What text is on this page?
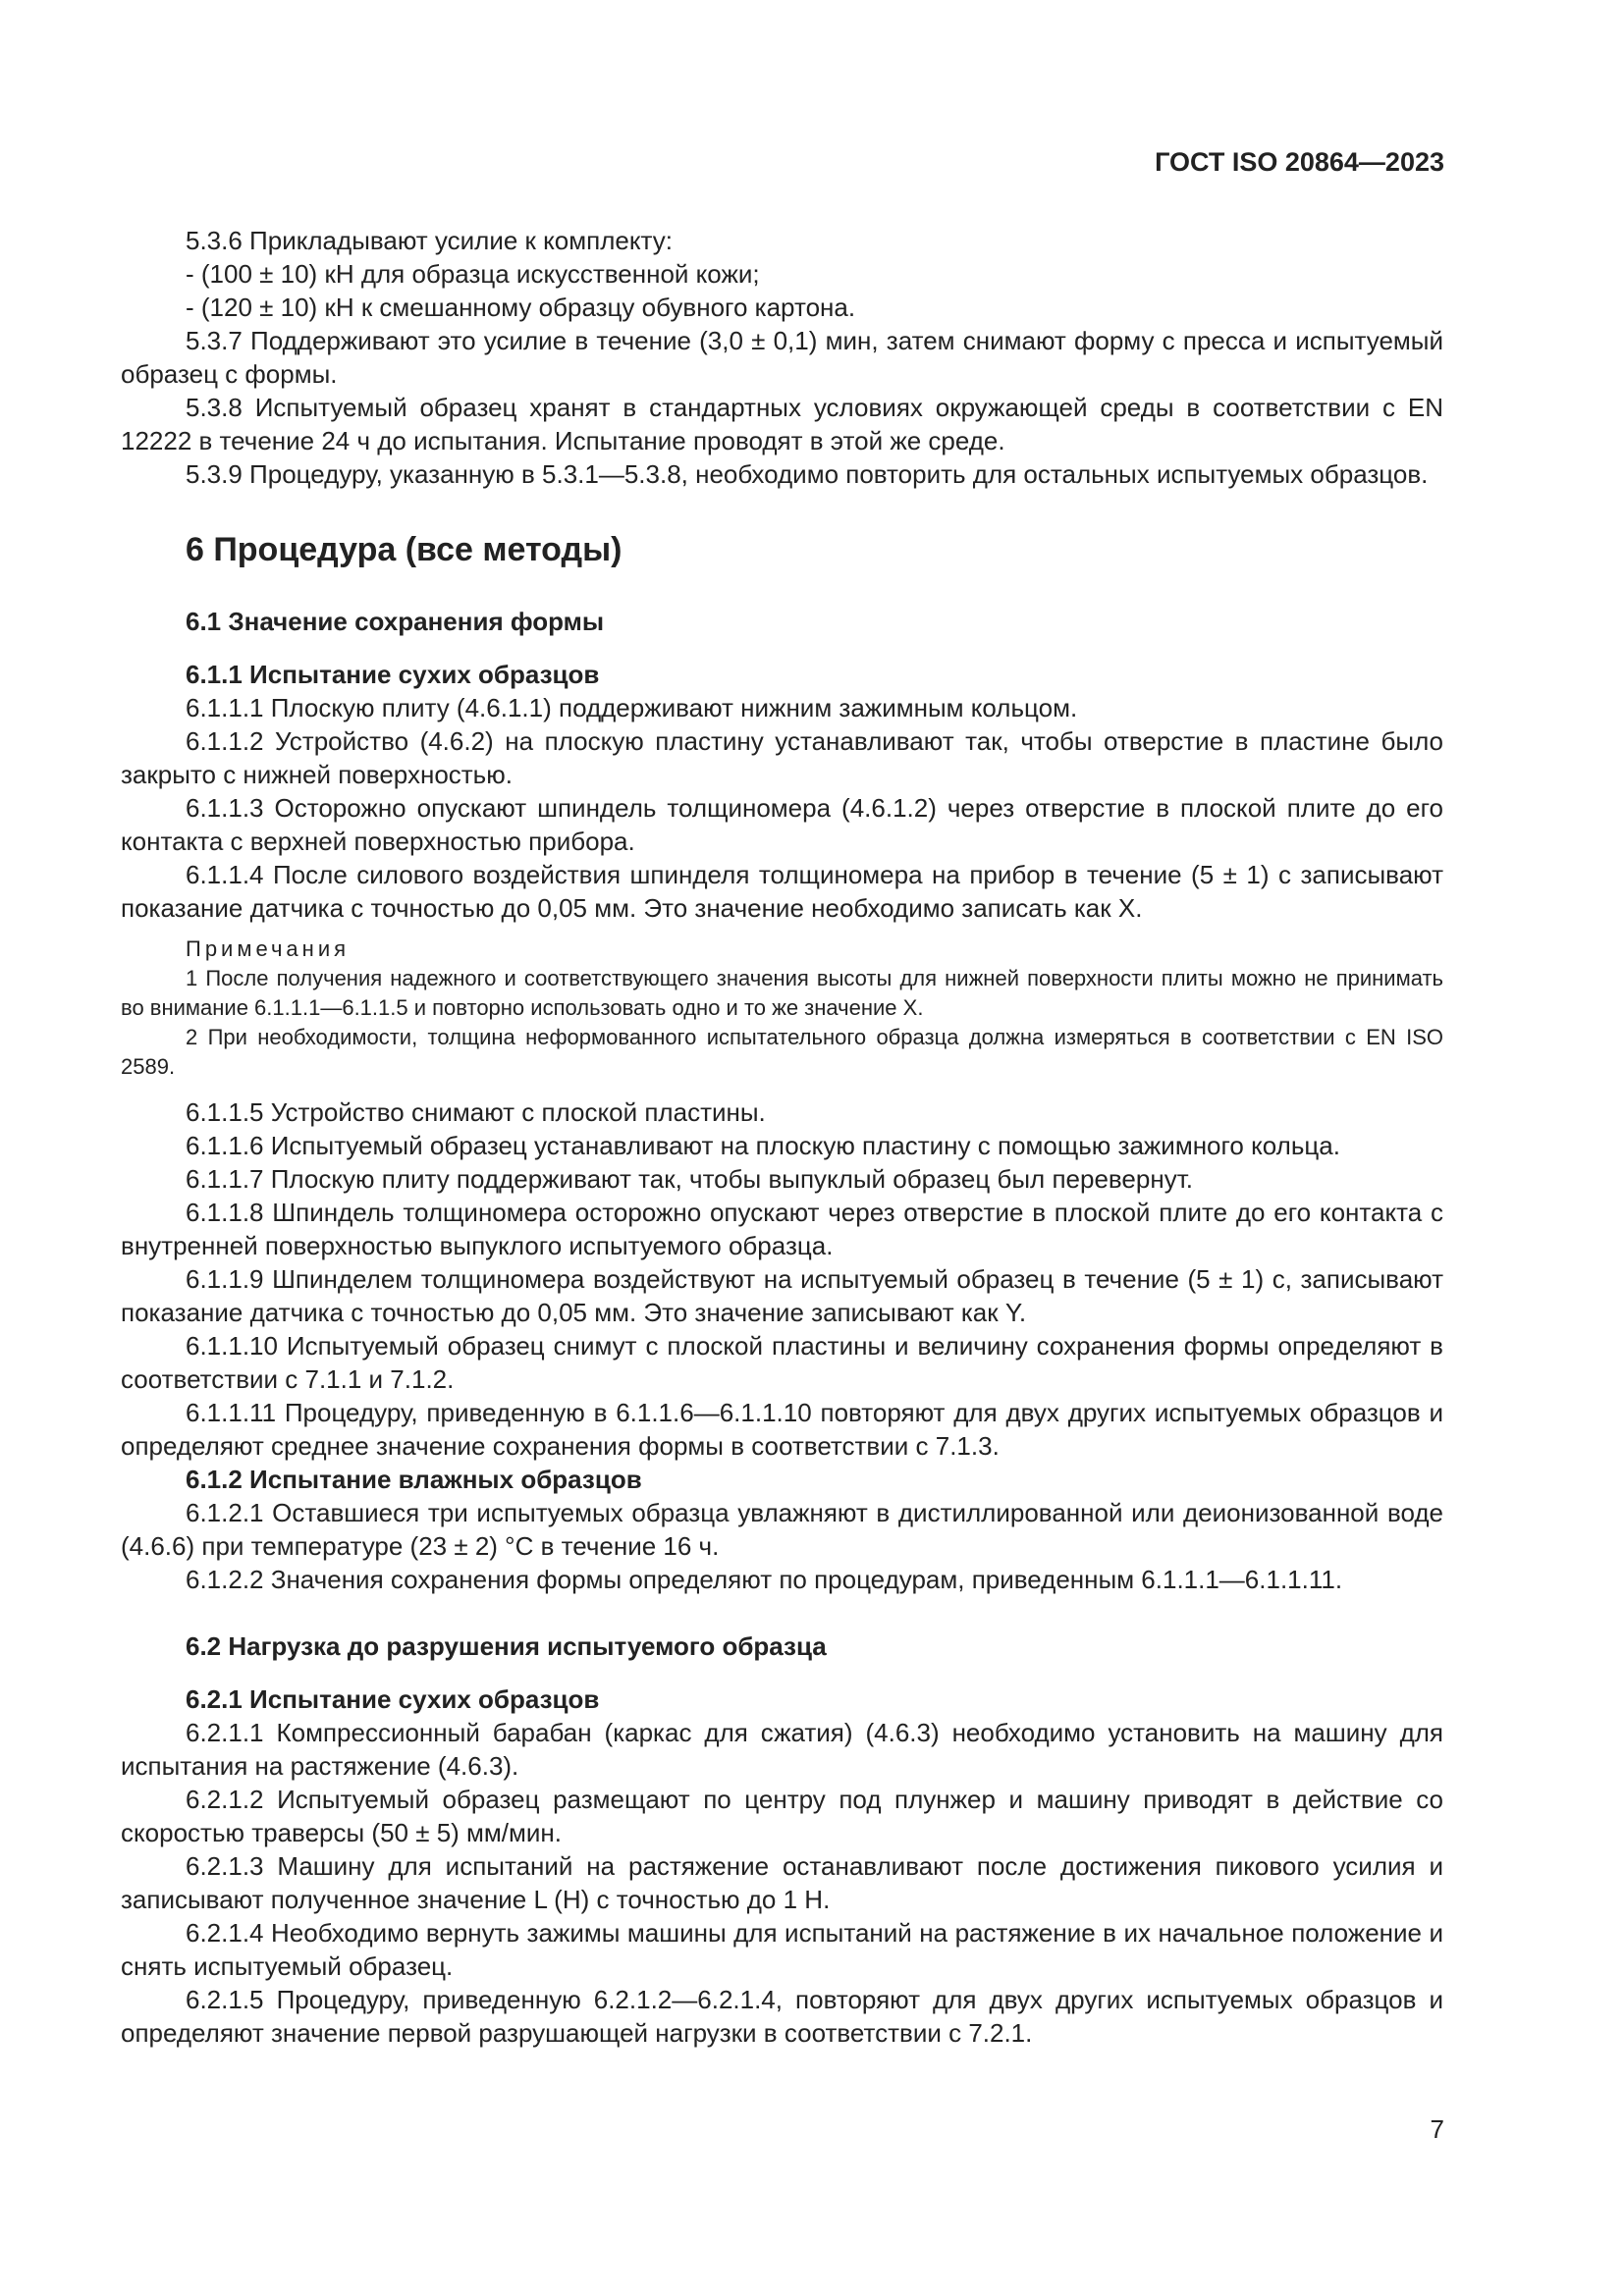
ГОСТ ISO 20864—2023

5.3.6 Прикладывают усилие к комплекту:

- (100 ± 10) кН для образца искусственной кожи;

- (120 ± 10) кН к смешанному образцу обувного картона.

5.3.7 Поддерживают это усилие в течение (3,0 ± 0,1) мин, затем снимают форму с пресса и испытуемый образец с формы.

5.3.8 Испытуемый образец хранят в стандартных условиях окружающей среды в соответствии с EN 12222 в течение 24 ч до испытания. Испытание проводят в этой же среде.

5.3.9 Процедуру, указанную в 5.3.1—5.3.8, необходимо повторить для остальных испытуемых образцов.

6 Процедура (все методы)

6.1 Значение сохранения формы

6.1.1 Испытание сухих образцов

6.1.1.1 Плоскую плиту (4.6.1.1) поддерживают нижним зажимным кольцом.

6.1.1.2 Устройство (4.6.2) на плоскую пластину устанавливают так, чтобы отверстие в пластине было закрыто с нижней поверхностью.

6.1.1.3 Осторожно опускают шпиндель толщиномера (4.6.1.2) через отверстие в плоской плите до его контакта с верхней поверхностью прибора.

6.1.1.4 После силового воздействия шпинделя толщиномера на прибор в течение (5 ± 1) с записывают показание датчика с точностью до 0,05 мм. Это значение необходимо записать как X.

Примечания

1 После получения надежного и соответствующего значения высоты для нижней поверхности плиты можно не принимать во внимание 6.1.1.1—6.1.1.5 и повторно использовать одно и то же значение X.

2 При необходимости, толщина неформованного испытательного образца должна измеряться в соответствии с EN ISO 2589.

6.1.1.5 Устройство снимают с плоской пластины.

6.1.1.6 Испытуемый образец устанавливают на плоскую пластину с помощью зажимного кольца.

6.1.1.7 Плоскую плиту поддерживают так, чтобы выпуклый образец был перевернут.

6.1.1.8 Шпиндель толщиномера осторожно опускают через отверстие в плоской плите до его контакта с внутренней поверхностью выпуклого испытуемого образца.

6.1.1.9 Шпинделем толщиномера воздействуют на испытуемый образец в течение (5 ± 1) с, записывают показание датчика с точностью до 0,05 мм. Это значение записывают как Y.

6.1.1.10 Испытуемый образец снимут с плоской пластины и величину сохранения формы определяют в соответствии с 7.1.1 и 7.1.2.

6.1.1.11 Процедуру, приведенную в 6.1.1.6—6.1.1.10 повторяют для двух других испытуемых образцов и определяют среднее значение сохранения формы в соответствии с 7.1.3.

6.1.2 Испытание влажных образцов

6.1.2.1 Оставшиеся три испытуемых образца увлажняют в дистиллированной или деионизованной воде (4.6.6) при температуре (23 ± 2) °С в течение 16 ч.

6.1.2.2 Значения сохранения формы определяют по процедурам, приведенным 6.1.1.1—6.1.1.11.

6.2 Нагрузка до разрушения испытуемого образца

6.2.1 Испытание сухих образцов

6.2.1.1 Компрессионный барабан (каркас для сжатия) (4.6.3) необходимо установить на машину для испытания на растяжение (4.6.3).

6.2.1.2 Испытуемый образец размещают по центру под плунжер и машину приводят в действие со скоростью траверсы (50 ± 5) мм/мин.

6.2.1.3 Машину для испытаний на растяжение останавливают после достижения пикового усилия и записывают полученное значение L (Н) с точностью до 1 Н.

6.2.1.4 Необходимо вернуть зажимы машины для испытаний на растяжение в их начальное положение и снять испытуемый образец.

6.2.1.5 Процедуру, приведенную 6.2.1.2—6.2.1.4, повторяют для двух других испытуемых образцов и определяют значение первой разрушающей нагрузки в соответствии с 7.2.1.

7
